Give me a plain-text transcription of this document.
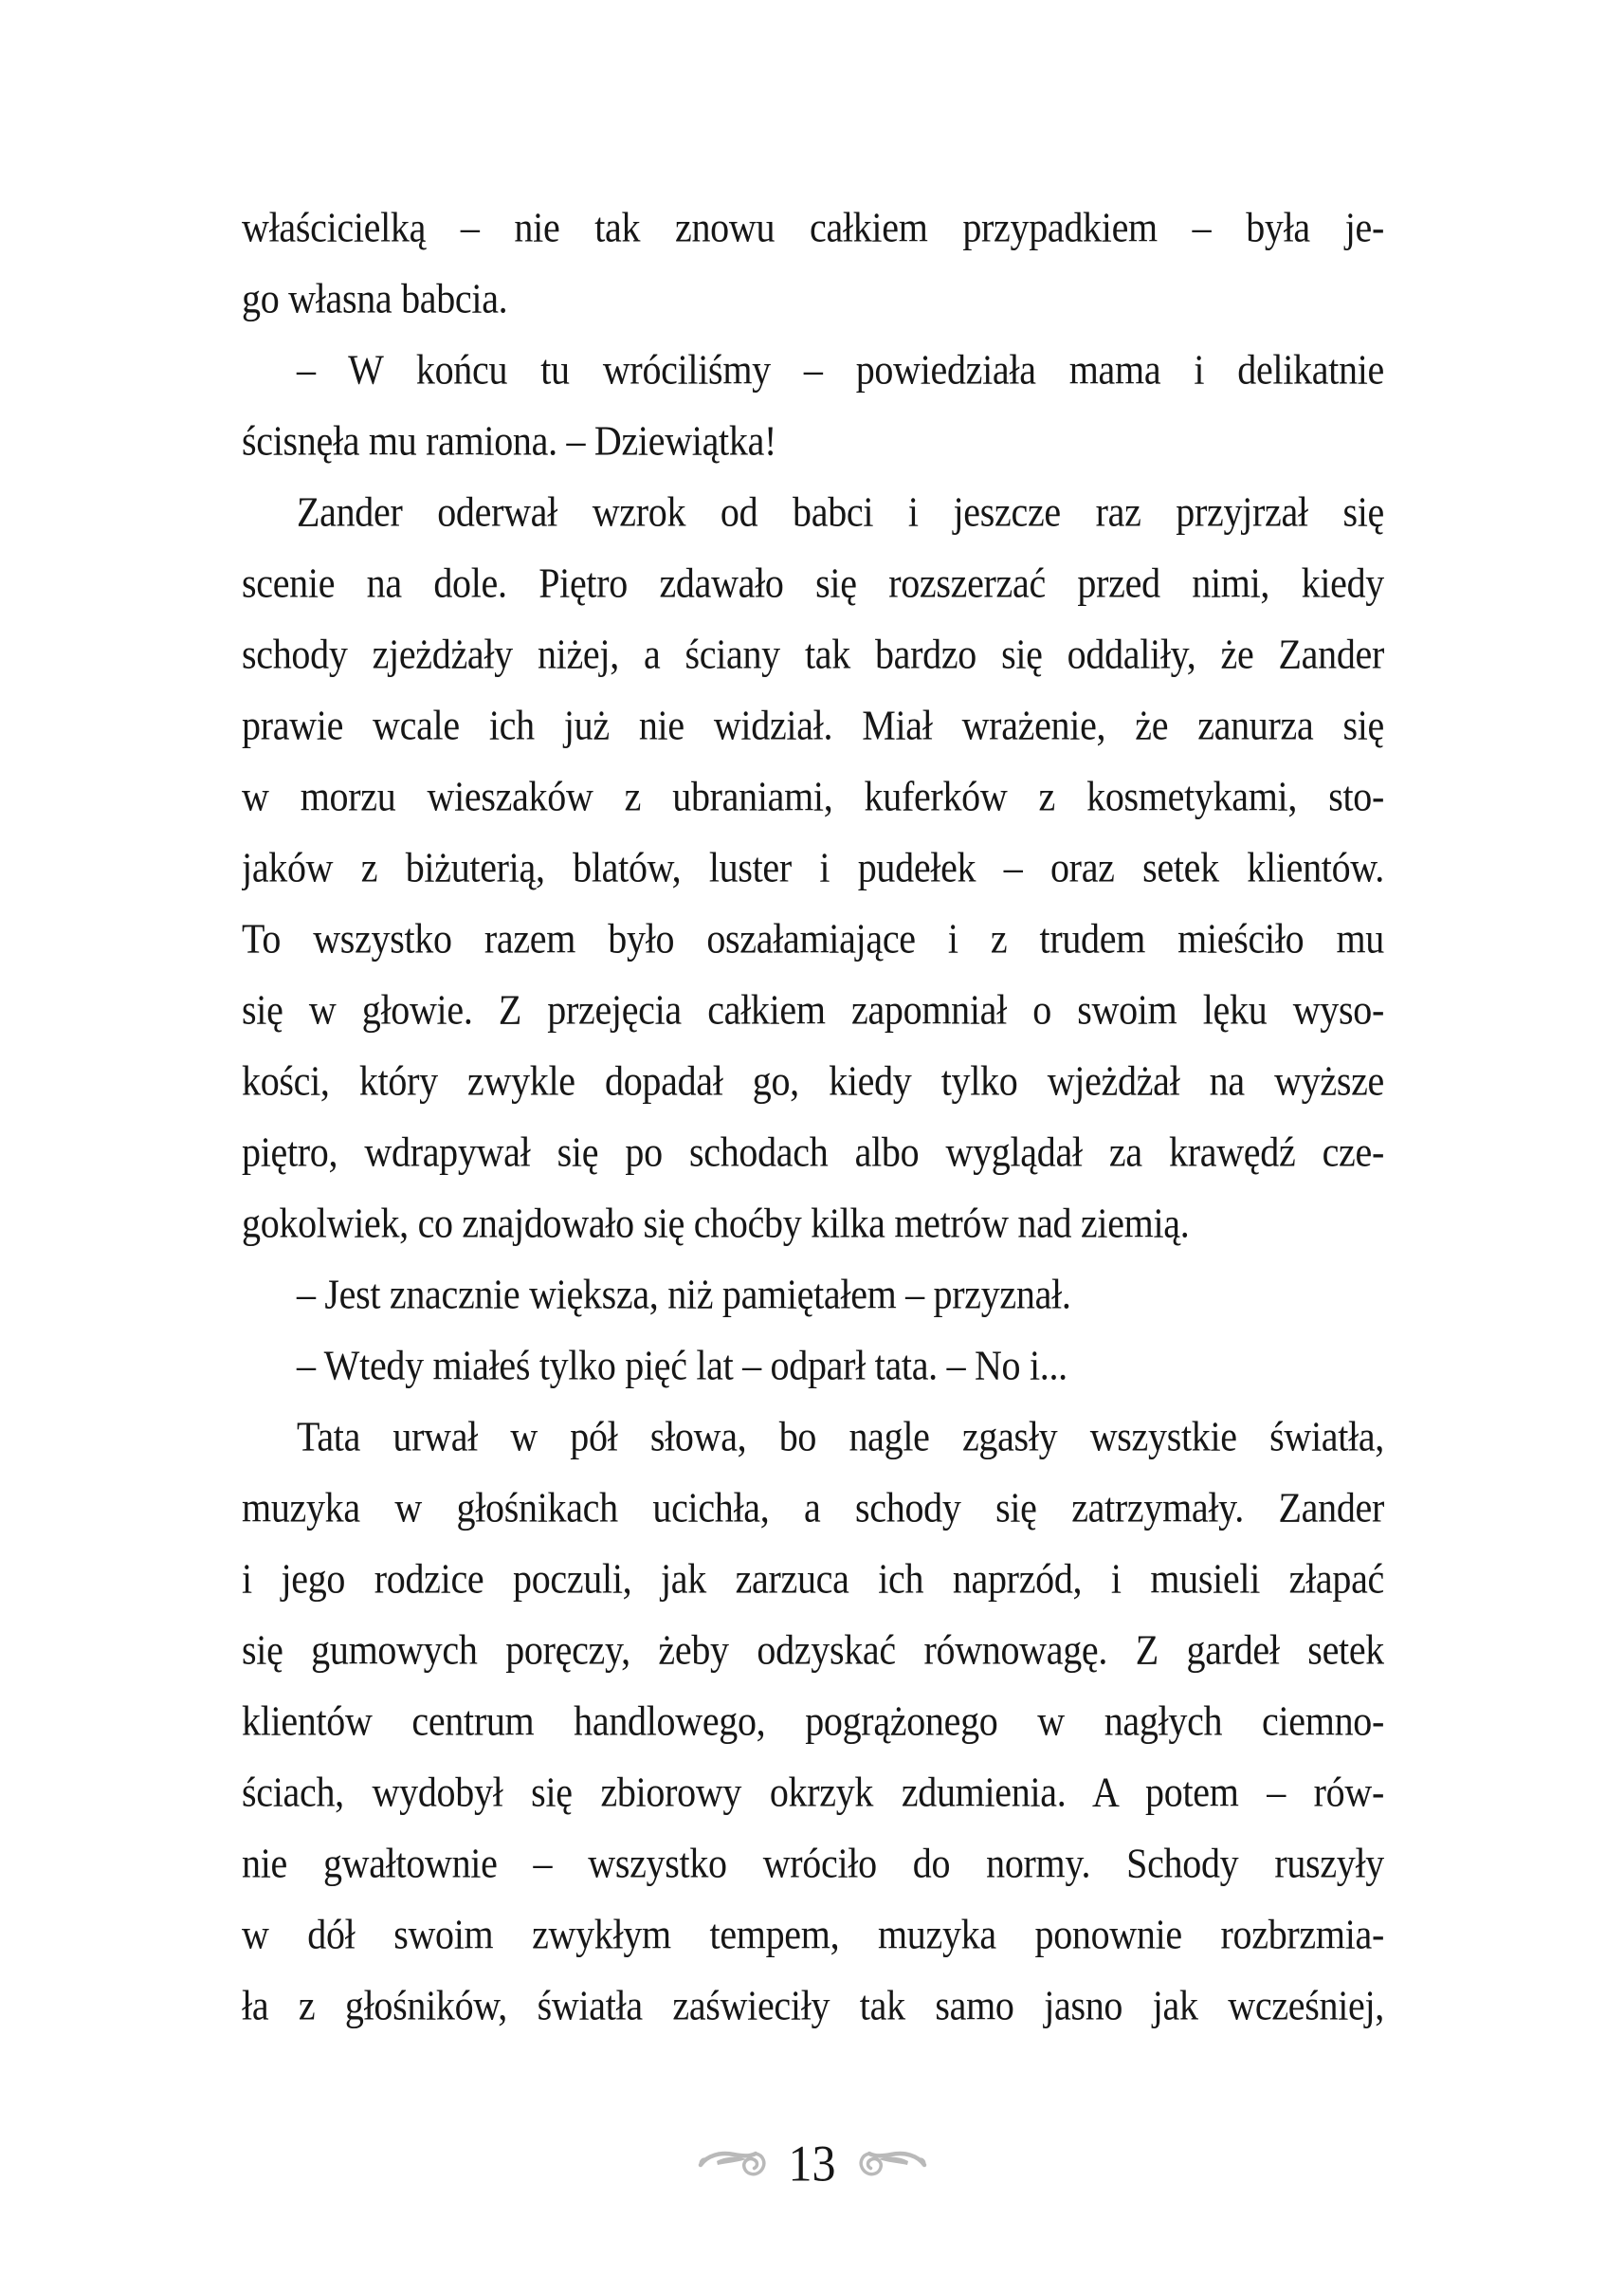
właścicielką – nie tak znowu całkiem przypadkiem – była je-
go własna babcia.
– W końcu tu wróciliśmy – powiedziała mama i delikatnie
ścisnęła mu ramiona. – Dziewiątka!
Zander oderwał wzrok od babci i jeszcze raz przyjrzał się
scenie na dole. Piętro zdawało się rozszerzać przed nimi, kiedy
schody zjeżdżały niżej, a ściany tak bardzo się oddaliły, że Zander
prawie wcale ich już nie widział. Miał wrażenie, że zanurza się
w morzu wieszaków z ubraniami, kuferków z kosmetykami, sto-
jaków z biżuterią, blatów, luster i pudełek – oraz setek klientów.
To wszystko razem było oszałamiające i z trudem mieściło mu
się w głowie. Z przejęcia całkiem zapomniał o swoim lęku wyso-
kości, który zwykle dopadał go, kiedy tylko wjeżdżał na wyższe
piętro, wdrapywał się po schodach albo wyglądał za krawędź cze-
gokolwiek, co znajdowało się choćby kilka metrów nad ziemią.
– Jest znacznie większa, niż pamiętałem – przyznał.
– Wtedy miałeś tylko pięć lat – odparł tata. – No i...
Tata urwał w pół słowa, bo nagle zgasły wszystkie światła,
muzyka w głośnikach ucichła, a schody się zatrzymały. Zander
i jego rodzice poczuli, jak zarzuca ich naprzód, i musieli złapać
się gumowych poręczy, żeby odzyskać równowagę. Z gardeł setek
klientów centrum handlowego, pogrążonego w nagłych ciemno-
ściach, wydobył się zbiorowy okrzyk zdumienia. A potem – rów-
nie gwałtownie – wszystko wróciło do normy. Schody ruszyły
w dół swoim zwykłym tempem, muzyka ponownie rozbrzmia-
ła z głośników, światła zaświeciły tak samo jasno jak wcześniej,
13
